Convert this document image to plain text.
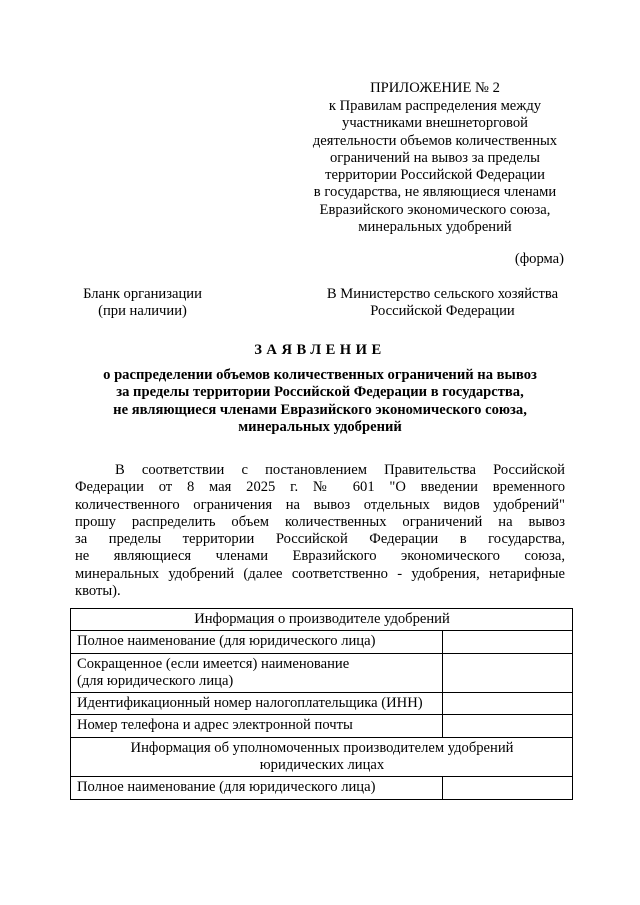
ПРИЛОЖЕНИЕ № 2
к Правилам распределения между
участниками внешнеторговой
деятельности объемов количественных
ограничений на вывоз за пределы
территории Российской Федерации
в государства, не являющиеся членами
Евразийского экономического союза,
минеральных удобрений
(форма)
Бланк организации
(при наличии)
В Министерство сельского хозяйства
Российской Федерации
ЗАЯВЛЕНИЕ
о распределении объемов количественных ограничений на вывоз
за пределы территории Российской Федерации в государства,
не являющиеся членами Евразийского экономического союза,
минеральных удобрений
В соответствии с постановлением Правительства Российской
Федерации от 8 мая 2025 г. № 601 "О введении временного
количественного ограничения на вывоз отдельных видов удобрений"
прошу распределить объем количественных ограничений на вывоз
за пределы территории Российской Федерации в государства,
не являющиеся членами Евразийского экономического союза,
минеральных удобрений (далее соответственно - удобрения, нетарифные
квоты).
Информация о производителе удобрений	

Полное наименование (для юридического лица)	

Сокращенное (если имеется) наименование
(для юридического лица)	

Идентификационный номер налогоплательщика (ИНН)	

Номер телефона и адрес электронной почты	

Информация об уполномоченных производителем удобрений
юридических лицах	

Полное наименование (для юридического лица)	
